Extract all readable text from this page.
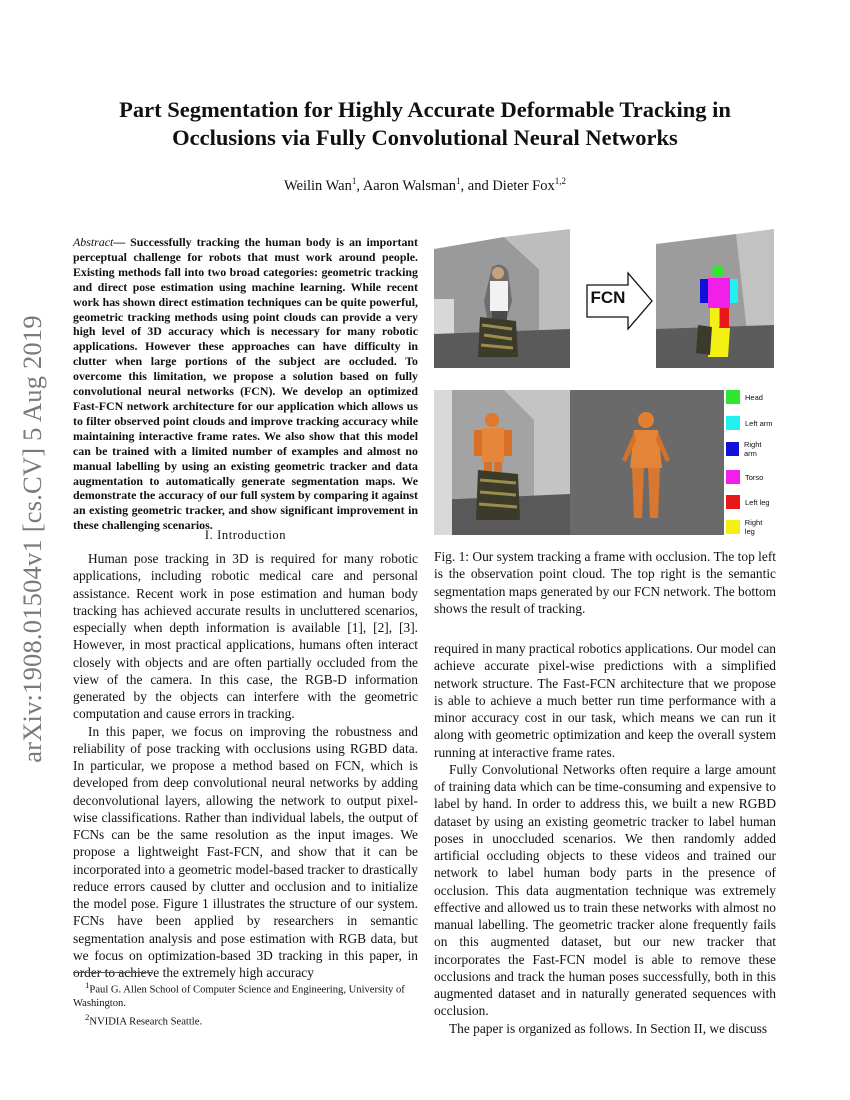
arXiv:1908.01504v1 [cs.CV] 5 Aug 2019
Part Segmentation for Highly Accurate Deformable Tracking in
Occlusions via Fully Convolutional Neural Networks
Weilin Wan$^1$, Aaron Walsman$^1$, and Dieter Fox$^{1,2}$
Abstract— Successfully tracking the human body is an important perceptual challenge for robots that must work around people. Existing methods fall into two broad categories: geometric tracking and direct pose estimation using machine learning. While recent work has shown direct estimation techniques can be quite powerful, geometric tracking methods using point clouds can provide a very high level of 3D accuracy which is necessary for many robotic applications. However these approaches can have difficulty in clutter when large portions of the subject are occluded. To overcome this limitation, we propose a solution based on fully convolutional neural networks (FCN). We develop an optimized Fast-FCN network architecture for our application which allows us to filter observed point clouds and improve tracking accuracy while maintaining interactive frame rates. We also show that this model can be trained with a limited number of examples and almost no manual labelling by using an existing geometric tracker and data augmentation to automatically generate segmentation maps. We demonstrate the accuracy of our full system by comparing it against an existing geometric tracker, and show significant improvement in these challenging scenarios.
I. Introduction

Human pose tracking in 3D is required for many robotic applications, including robotic medical care and personal assistance. Recent work in pose estimation and human body tracking has achieved accurate results in uncluttered scenarios, especially when depth information is available [1], [2], [3]. However, in most practical applications, humans often interact closely with objects and are often partially occluded from the view of the camera. In this case, the RGB-D information generated by the objects can interfere with the geometric computation and cause errors in tracking.

In this paper, we focus on improving the robustness and reliability of pose tracking with occlusions using RGBD data. In particular, we propose a method based on FCN, which is developed from deep convolutional neural networks by adding deconvolutional layers, allowing the network to output pixel-wise classifications. Rather than individual labels, the output of FCNs can be the same resolution as the input images. We propose a lightweight Fast-FCN, and show that it can be incorporated into a geometric model-based tracker to drastically reduce errors caused by clutter and occlusion and to initialize the model pose. Figure 1 illustrates the structure of our system. FCNs have been applied by researchers in semantic segmentation analysis and pose estimation with RGB data, but we focus on optimization-based 3D tracking in this paper, in order to achieve the extremely high accuracy

$^1$Paul G. Allen School of Computer Science and Engineering, University of Washington.

$^2$NVIDIA Research Seattle.

FCN
Head
Left arm
Right arm
Torso
Left leg
Right leg
Fig. 1: Our system tracking a frame with occlusion. The top left is the observation point cloud. The top right is the semantic segmentation maps generated by our FCN network. The bottom shows the result of tracking.

required in many practical robotics applications. Our model can achieve accurate pixel-wise predictions with a simplified network structure. The Fast-FCN architecture that we propose is able to achieve a much better run time performance with a minor accuracy cost in our task, which means we can run it along with geometric optimization and keep the overall system running at interactive frame rates.

Fully Convolutional Networks often require a large amount of training data which can be time-consuming and expensive to label by hand. In order to address this, we built a new RGBD dataset by using an existing geometric tracker to label human poses in unoccluded scenarios. We then randomly added artificial occluding objects to these videos and trained our network to label human body parts in the presence of occlusion. This data augmentation technique was extremely effective and allowed us to train these networks with almost no manual labelling. The geometric tracker alone frequently fails on this augmented dataset, but our new tracker that incorporates the Fast-FCN model is able to remove these occlusions and track the human poses successfully, both in this augmented dataset and in naturally generated sequences with occlusion.

The paper is organized as follows. In Section II, we discuss
